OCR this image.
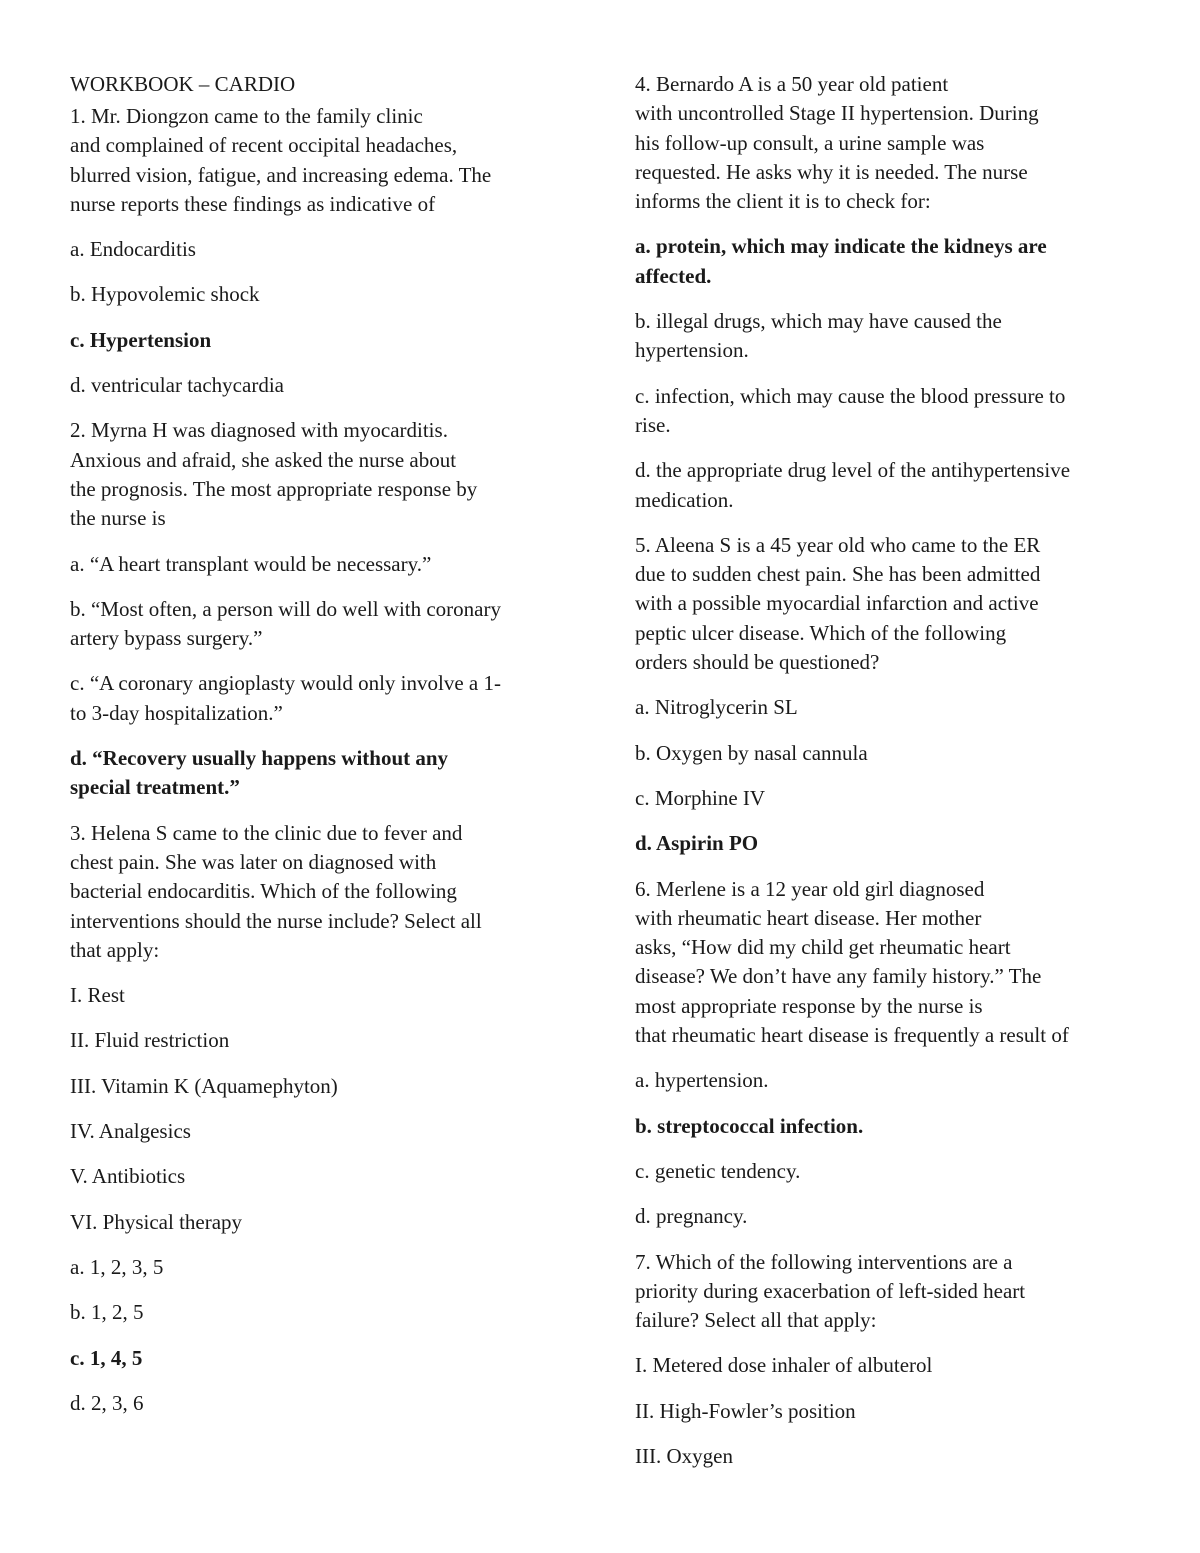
WORKBOOK – CARDIO
1. Mr. Diongzon came to the family clinic
and complained of recent occipital headaches,
blurred vision, fatigue, and increasing edema. The
nurse reports these findings as indicative of
a. Endocarditis
b. Hypovolemic shock
c. Hypertension
d. ventricular tachycardia
2. Myrna H was diagnosed with myocarditis.
Anxious and afraid, she asked the nurse about
the prognosis. The most appropriate response by
the nurse is
a. “A heart transplant would be necessary.”
b. “Most often, a person will do well with coronary
artery bypass surgery.”
c. “A coronary angioplasty would only involve a 1-
to 3-day hospitalization.”
d. “Recovery usually happens without any
special treatment.”
3. Helena S came to the clinic due to fever and
chest pain. She was later on diagnosed with
bacterial endocarditis. Which of the following
interventions should the nurse include? Select all
that apply:
I. Rest
II. Fluid restriction
III. Vitamin K (Aquamephyton)
IV. Analgesics
V. Antibiotics
VI. Physical therapy
a. 1, 2, 3, 5
b. 1, 2, 5
c. 1, 4, 5
d. 2, 3, 6
4. Bernardo A is a 50 year old patient
with uncontrolled Stage II hypertension. During
his follow-up consult, a urine sample was
requested. He asks why it is needed. The nurse
informs the client it is to check for:
a. protein, which may indicate the kidneys are
affected.
b. illegal drugs, which may have caused the
hypertension.
c. infection, which may cause the blood pressure to
rise.
d. the appropriate drug level of the antihypertensive
medication.
5. Aleena S is a 45 year old who came to the ER
due to sudden chest pain. She has been admitted
with a possible myocardial infarction and active
peptic ulcer disease. Which of the following
orders should be questioned?
a. Nitroglycerin SL
b. Oxygen by nasal cannula
c. Morphine IV
d. Aspirin PO
6. Merlene is a 12 year old girl diagnosed
with rheumatic heart disease. Her mother
asks, “How did my child get rheumatic heart
disease? We don’t have any family history.” The
most appropriate response by the nurse is
that rheumatic heart disease is frequently a result of
a. hypertension.
b. streptococcal infection.
c. genetic tendency.
d. pregnancy.
7. Which of the following interventions are a
priority during exacerbation of left-sided heart
failure? Select all that apply:
I. Metered dose inhaler of albuterol
II. High-Fowler’s position
III. Oxygen
